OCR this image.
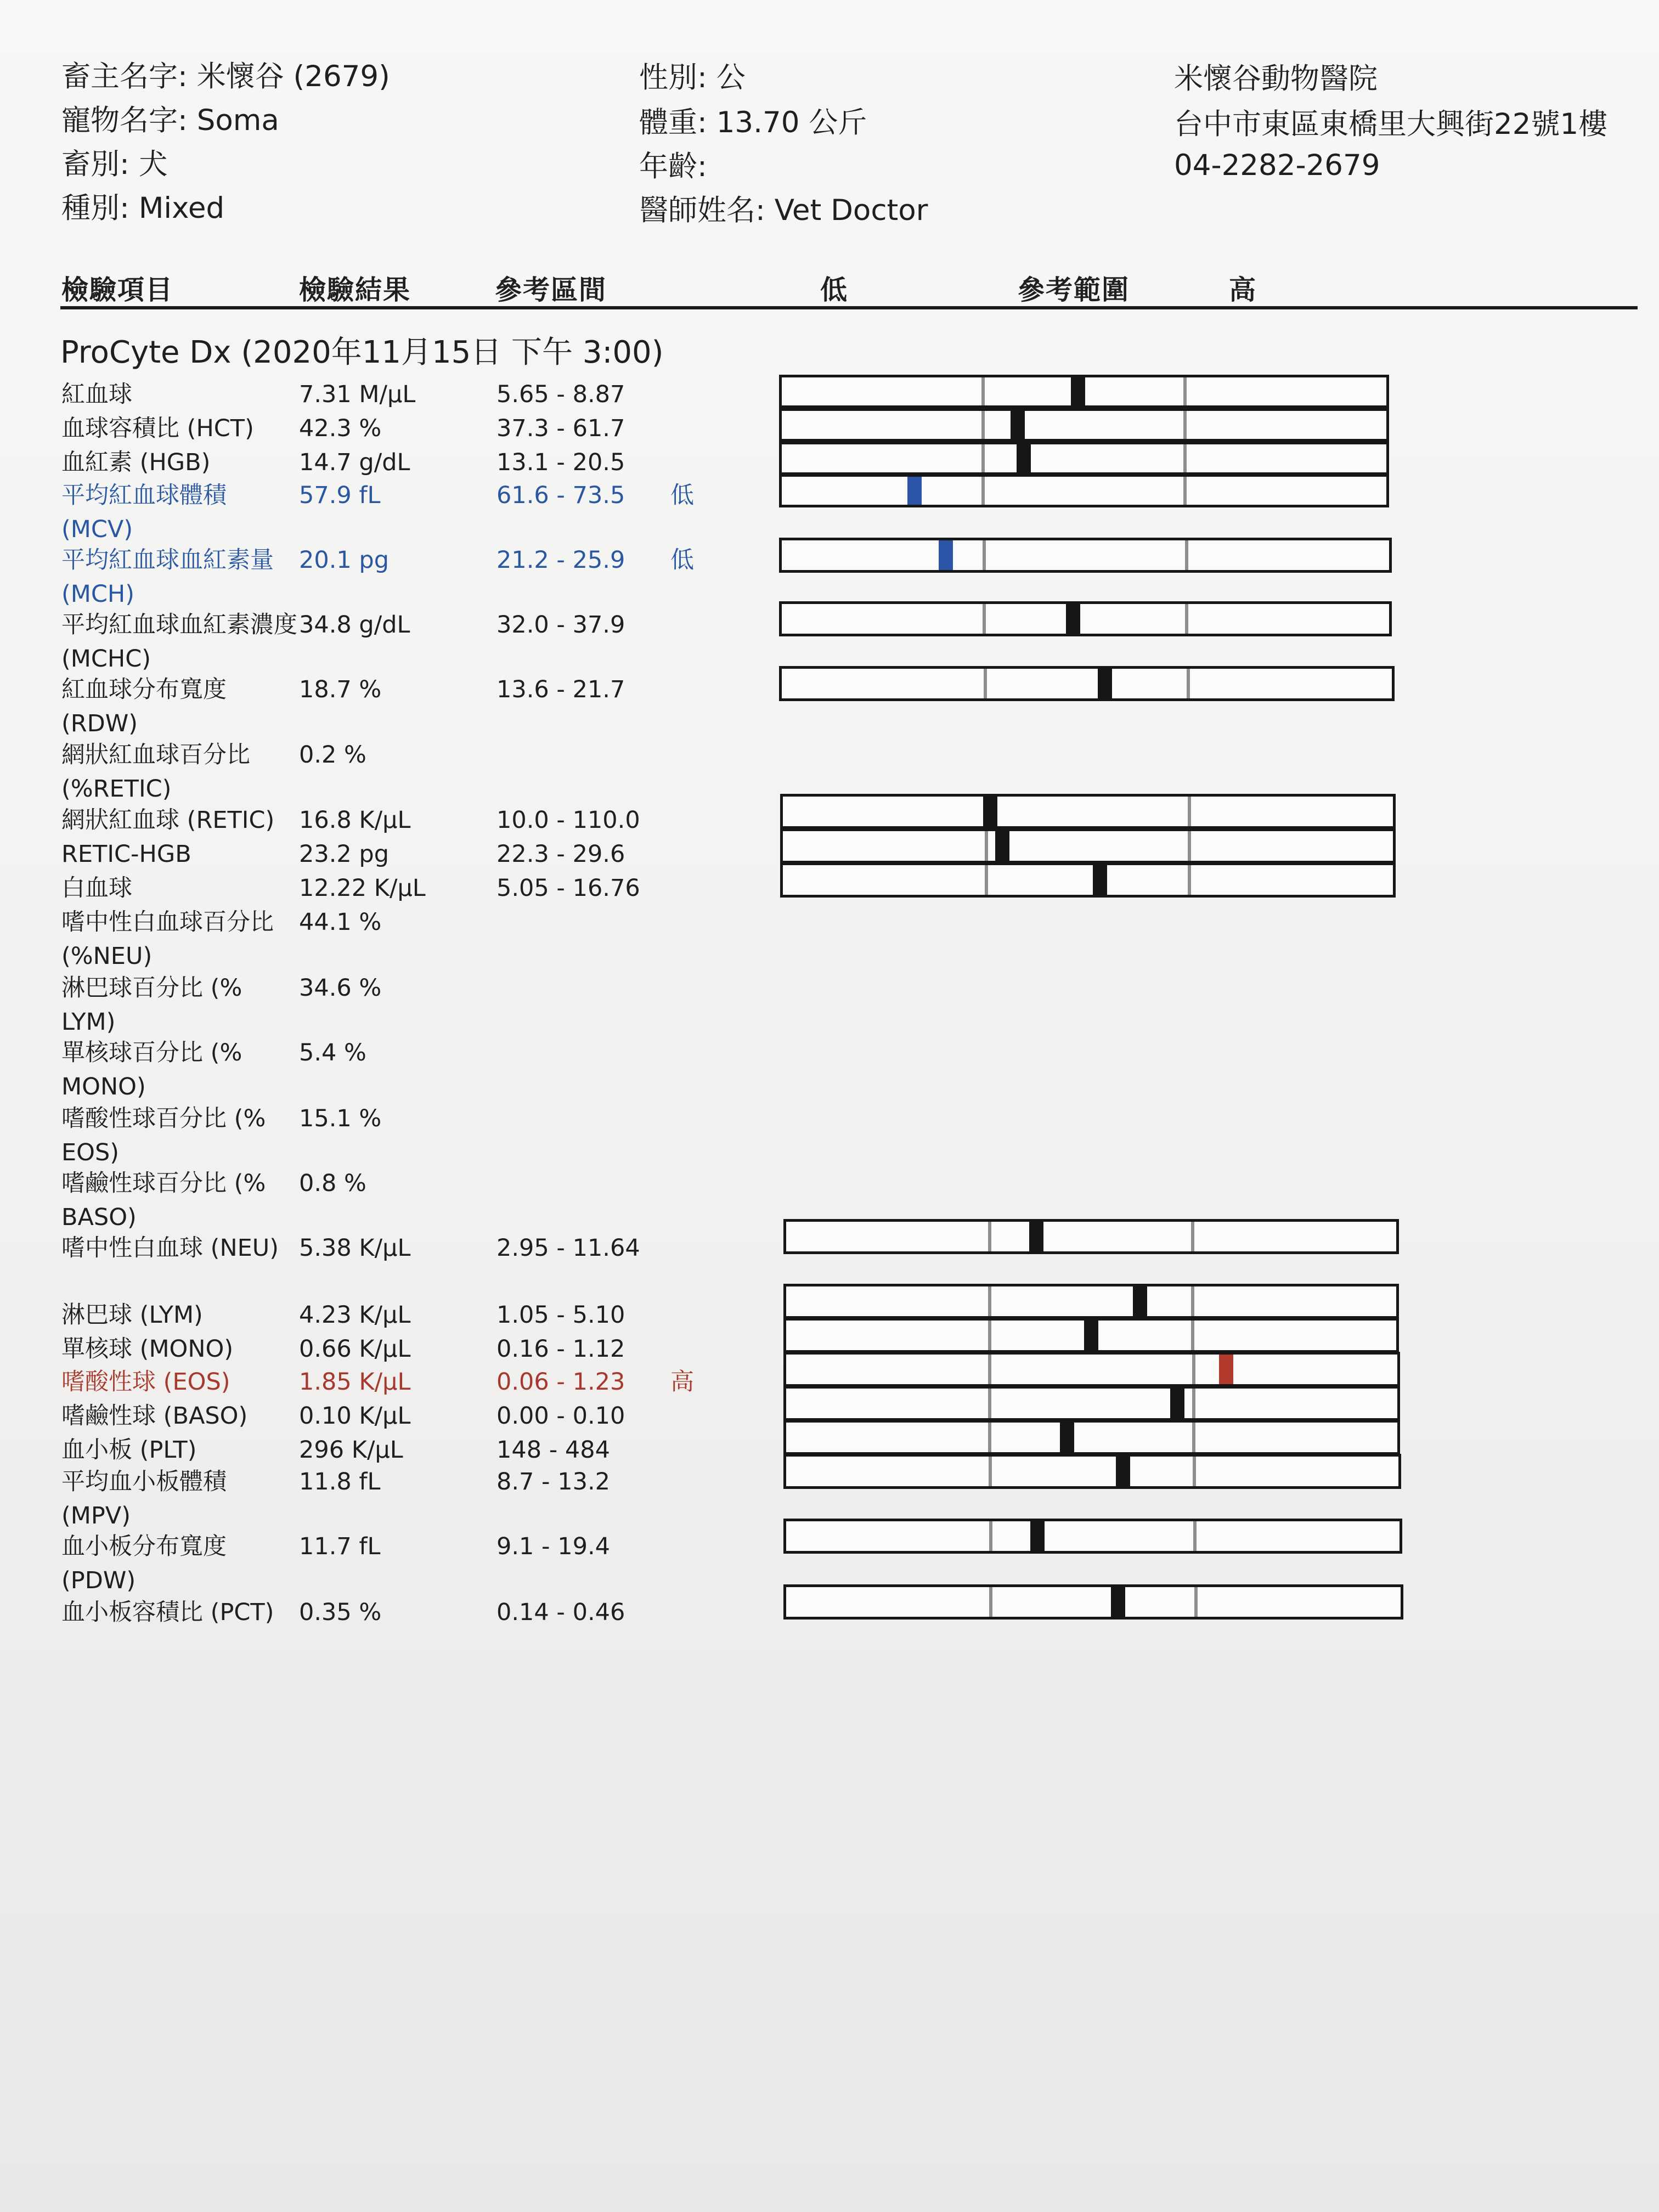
畜主名字: 米懷谷 (2679)
寵物名字: Soma
畜別: 犬
種別: Mixed
性別: 公
體重: 13.70 公斤
年齡:
醫師姓名: Vet Doctor
米懷谷動物醫院
台中市東區東橋里大興街22號1樓
04-2282-2679
檢驗項目	檢驗結果	參考區間	低	參考範圍	高
ProCyte Dx (2020年11月15日 下午 3:00)
紅血球	7.31 M/µL	5.65 - 8.87
血球容積比 (HCT)	42.3 %	37.3 - 61.7
血紅素 (HGB)	14.7 g/dL	13.1 - 20.5
平均紅血球體積 (MCV)
57.9 fL	61.6 - 73.5	低
平均紅血球血紅素量 (MCH)
20.1 pg	21.2 - 25.9	低
平均紅血球血紅素濃度 (MCHC)
34.8 g/dL	32.0 - 37.9
紅血球分布寬度 (RDW)
18.7 %	13.6 - 21.7
網狀紅血球百分比 (%RETIC)
0.2 %
網狀紅血球 (RETIC)	16.8 K/µL	10.0 - 110.0
RETIC-HGB	23.2 pg	22.3 - 29.6
白血球	12.22 K/µL	5.05 - 16.76
嗜中性白血球百分比 (%NEU)
44.1 %
淋巴球百分比 (% LYM)
34.6 %
單核球百分比 (% MONO)
5.4 %
嗜酸性球百分比 (% EOS)
15.1 %
嗜鹼性球百分比 (% BASO)
0.8 %
嗜中性白血球 (NEU) 5.38 K/µL	2.95 - 11.64
淋巴球 (LYM)	4.23 K/µL	1.05 - 5.10
單核球 (MONO)	0.66 K/µL	0.16 - 1.12
嗜酸性球 (EOS)	1.85 K/µL	0.06 - 1.23	高
嗜鹼性球 (BASO)	0.10 K/µL	0.00 - 0.10
血小板 (PLT)	296 K/µL	148 - 484
平均血小板體積 (MPV)
11.8 fL	8.7 - 13.2
血小板分布寬度 (PDW)
11.7 fL	9.1 - 19.4
血小板容積比 (PCT)	0.35 %	0.14 - 0.46
